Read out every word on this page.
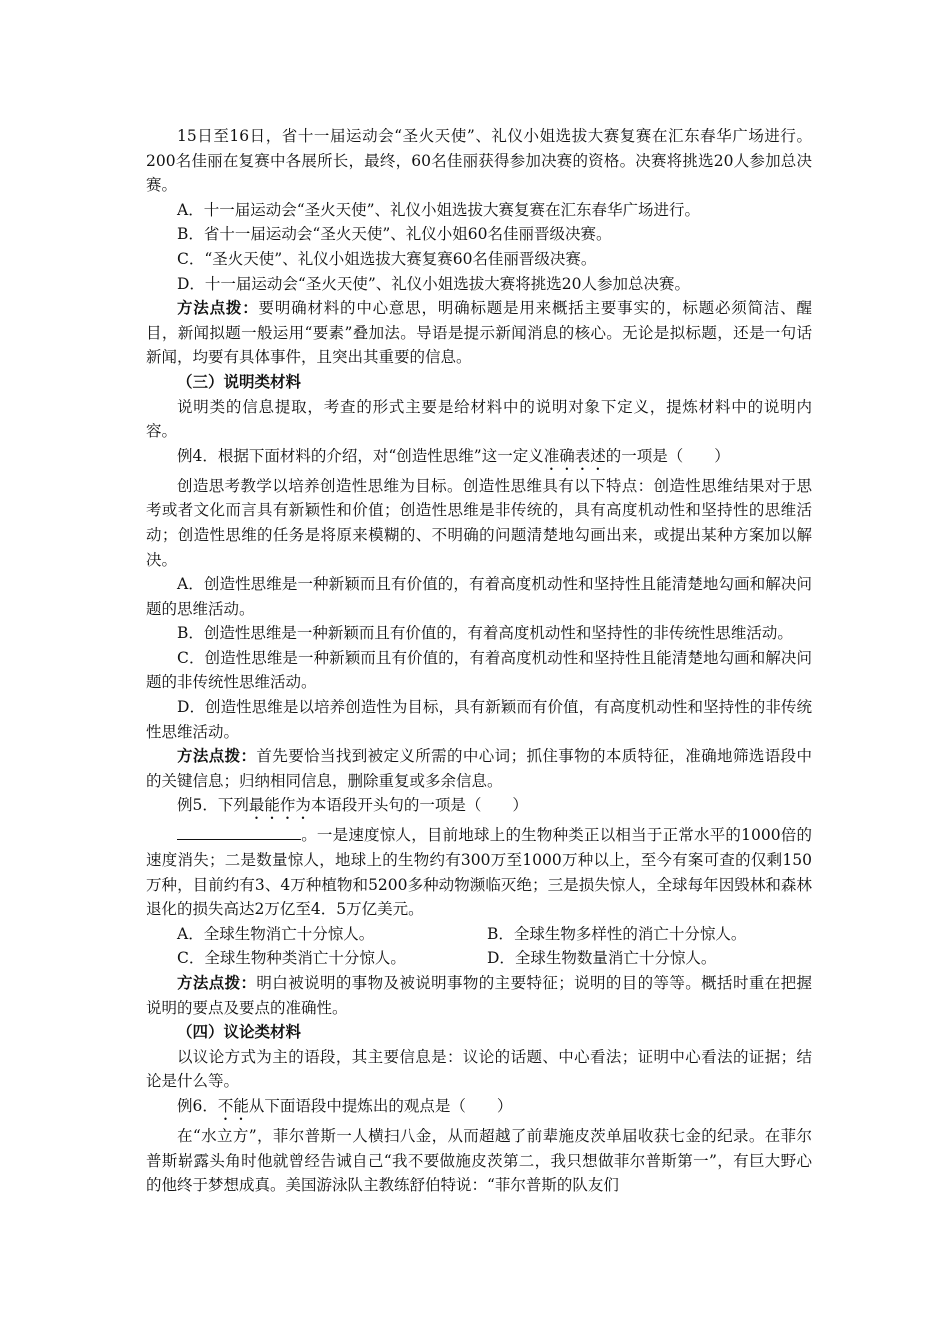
15日至16日，省十一届运动会“圣火天使”、礼仪小姐选拔大赛复赛在汇东春华广场进行。200名佳丽在复赛中各展所长，最终，60名佳丽获得参加决赛的资格。决赛将挑选20人参加总决赛。

A．十一届运动会“圣火天使”、礼仪小姐选拔大赛复赛在汇东春华广场进行。

B．省十一届运动会“圣火天使”、礼仪小姐60名佳丽晋级决赛。

C．“圣火天使”、礼仪小姐选拔大赛复赛60名佳丽晋级决赛。

D．十一届运动会“圣火天使”、礼仪小姐选拔大赛将挑选20人参加总决赛。

方法点拨：要明确材料的中心意思，明确标题是用来概括主要事实的，标题必须简洁、醒目，新闻拟题一般运用“要素”叠加法。导语是提示新闻消息的核心。无论是拟标题，还是一句话新闻，均要有具体事件，且突出其重要的信息。

（三）说明类材料

说明类的信息提取，考查的形式主要是给材料中的说明对象下定义，提炼材料中的说明内容。

例4．根据下面材料的介绍，对“创造性思维”这一定义准确表述的一项是（　　）

创造思考教学以培养创造性思维为目标。创造性思维具有以下特点：创造性思维结果对于思考或者文化而言具有新颖性和价值；创造性思维是非传统的，具有高度机动性和坚持性的思维活动；创造性思维的任务是将原来模糊的、不明确的问题清楚地勾画出来，或提出某种方案加以解决。

A．创造性思维是一种新颖而且有价值的，有着高度机动性和坚持性且能清楚地勾画和解决问题的思维活动。

B．创造性思维是一种新颖而且有价值的，有着高度机动性和坚持性的非传统性思维活动。

C．创造性思维是一种新颖而且有价值的，有着高度机动性和坚持性且能清楚地勾画和解决问题的非传统性思维活动。

D．创造性思维是以培养创造性为目标，具有新颖而有价值，有高度机动性和坚持性的非传统性思维活动。

方法点拨：首先要恰当找到被定义所需的中心词；抓住事物的本质特征，准确地筛选语段中的关键信息；归纳相同信息，删除重复或多余信息。

例5．下列最能作为本语段开头句的一项是（　　）

。一是速度惊人，目前地球上的生物种类正以相当于正常水平的1000倍的速度消失；二是数量惊人，地球上的生物约有300万至1000万种以上，至今有案可查的仅剩150万种，目前约有3、4万种植物和5200多种动物濒临灭绝；三是损失惊人，全球每年因毁林和森林退化的损失高达2万亿至4．5万亿美元。

A．全球生物消亡十分惊人。	B．全球生物多样性的消亡十分惊人。
C．全球生物种类消亡十分惊人。	D．全球生物数量消亡十分惊人。

方法点拨：明白被说明的事物及被说明事物的主要特征；说明的目的等等。概括时重在把握说明的要点及要点的准确性。

（四）议论类材料

以议论方式为主的语段，其主要信息是：议论的话题、中心看法；证明中心看法的证据；结论是什么等。

例6．不能从下面语段中提炼出的观点是（　　）

在“水立方”，菲尔普斯一人横扫八金，从而超越了前辈施皮茨单届收获七金的纪录。在菲尔普斯崭露头角时他就曾经告诫自己“我不要做施皮茨第二，我只想做菲尔普斯第一”，有巨大野心的他终于梦想成真。美国游泳队主教练舒伯特说：“菲尔普斯的队友们
